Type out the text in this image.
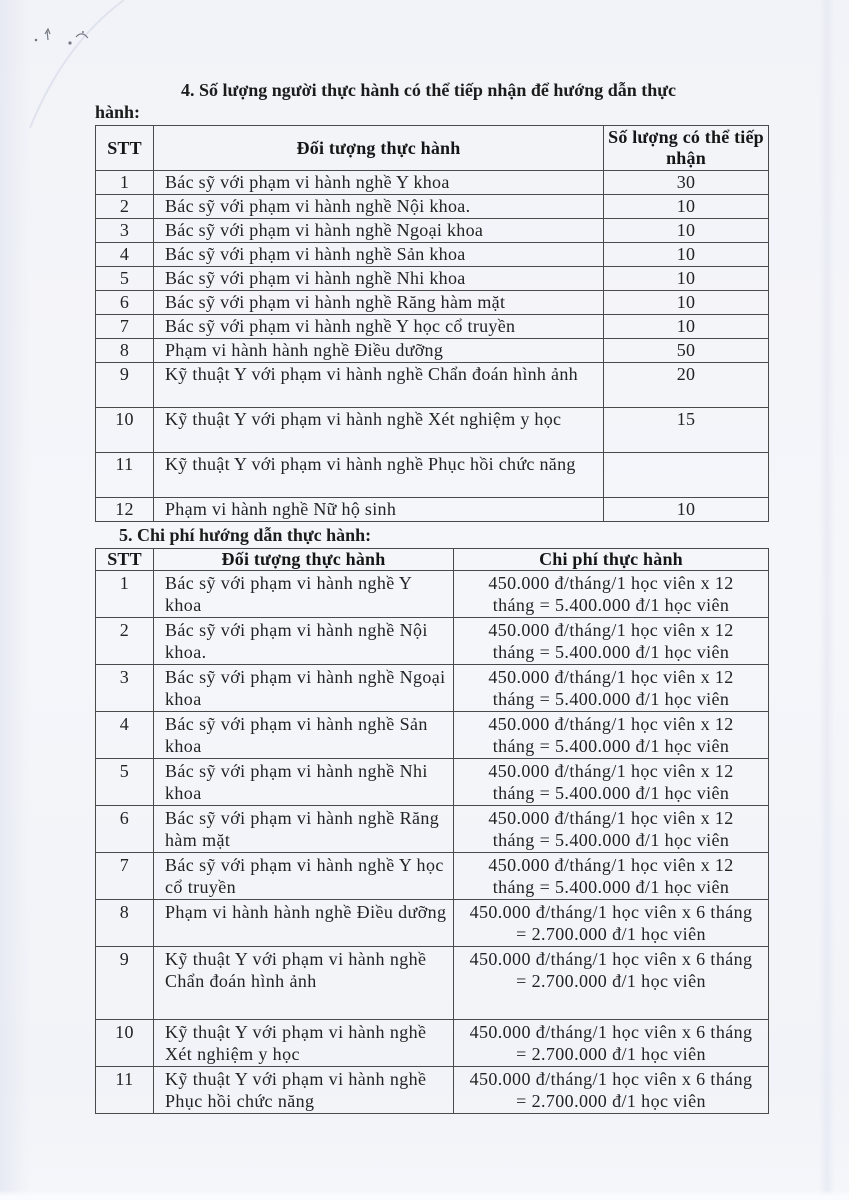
4. Số lượng người thực hành có thể tiếp nhận để hướng dẫn thực
hành:
STT	Đối tượng thực hành	Số lượng có thể tiếp nhận
1	Bác sỹ với phạm vi hành nghề Y khoa	30
2	Bác sỹ với phạm vi hành nghề Nội khoa.	10
3	Bác sỹ với phạm vi hành nghề Ngoại khoa	10
4	Bác sỹ với phạm vi hành nghề Sản khoa	10
5	Bác sỹ với phạm vi hành nghề Nhi khoa	10
6	Bác sỹ với phạm vi hành nghề Răng hàm mặt	10
7	Bác sỹ với phạm vi hành nghề Y học cổ truyền	10
8	Phạm vi hành hành nghề Điều dưỡng	50
9	Kỹ thuật Y với phạm vi hành nghề Chẩn đoán hình ảnh	20
10	Kỹ thuật Y với phạm vi hành nghề Xét nghiệm y học	15
11	Kỹ thuật Y với phạm vi hành nghề Phục hồi chức năng	
12	Phạm vi hành nghề Nữ hộ sinh	10
5. Chi phí hướng dẫn thực hành:
STT	Đối tượng thực hành	Chi phí thực hành
1	Bác sỹ với phạm vi hành nghề Y khoa	450.000 đ/tháng/1 học viên x 12
tháng = 5.400.000 đ/1 học viên

2	Bác sỹ với phạm vi hành nghề Nội khoa.	450.000 đ/tháng/1 học viên x 12
tháng = 5.400.000 đ/1 học viên

3	Bác sỹ với phạm vi hành nghề Ngoại khoa	450.000 đ/tháng/1 học viên x 12
tháng = 5.400.000 đ/1 học viên

4	Bác sỹ với phạm vi hành nghề Sản khoa	450.000 đ/tháng/1 học viên x 12
tháng = 5.400.000 đ/1 học viên

5	Bác sỹ với phạm vi hành nghề Nhi khoa	450.000 đ/tháng/1 học viên x 12
tháng = 5.400.000 đ/1 học viên

6	Bác sỹ với phạm vi hành nghề Răng hàm mặt	450.000 đ/tháng/1 học viên x 12
tháng = 5.400.000 đ/1 học viên

7	Bác sỹ với phạm vi hành nghề Y học cổ truyền	450.000 đ/tháng/1 học viên x 12
tháng = 5.400.000 đ/1 học viên

8	Phạm vi hành hành nghề Điều dưỡng	450.000 đ/tháng/1 học viên x 6 tháng
= 2.700.000 đ/1 học viên

9	Kỹ thuật Y với phạm vi hành nghề Chẩn đoán hình ảnh	450.000 đ/tháng/1 học viên x 6 tháng
= 2.700.000 đ/1 học viên

10	Kỹ thuật Y với phạm vi hành nghề Xét nghiệm y học	450.000 đ/tháng/1 học viên x 6 tháng
= 2.700.000 đ/1 học viên

11	Kỹ thuật Y với phạm vi hành nghề Phục hồi chức năng	450.000 đ/tháng/1 học viên x 6 tháng
= 2.700.000 đ/1 học viên
